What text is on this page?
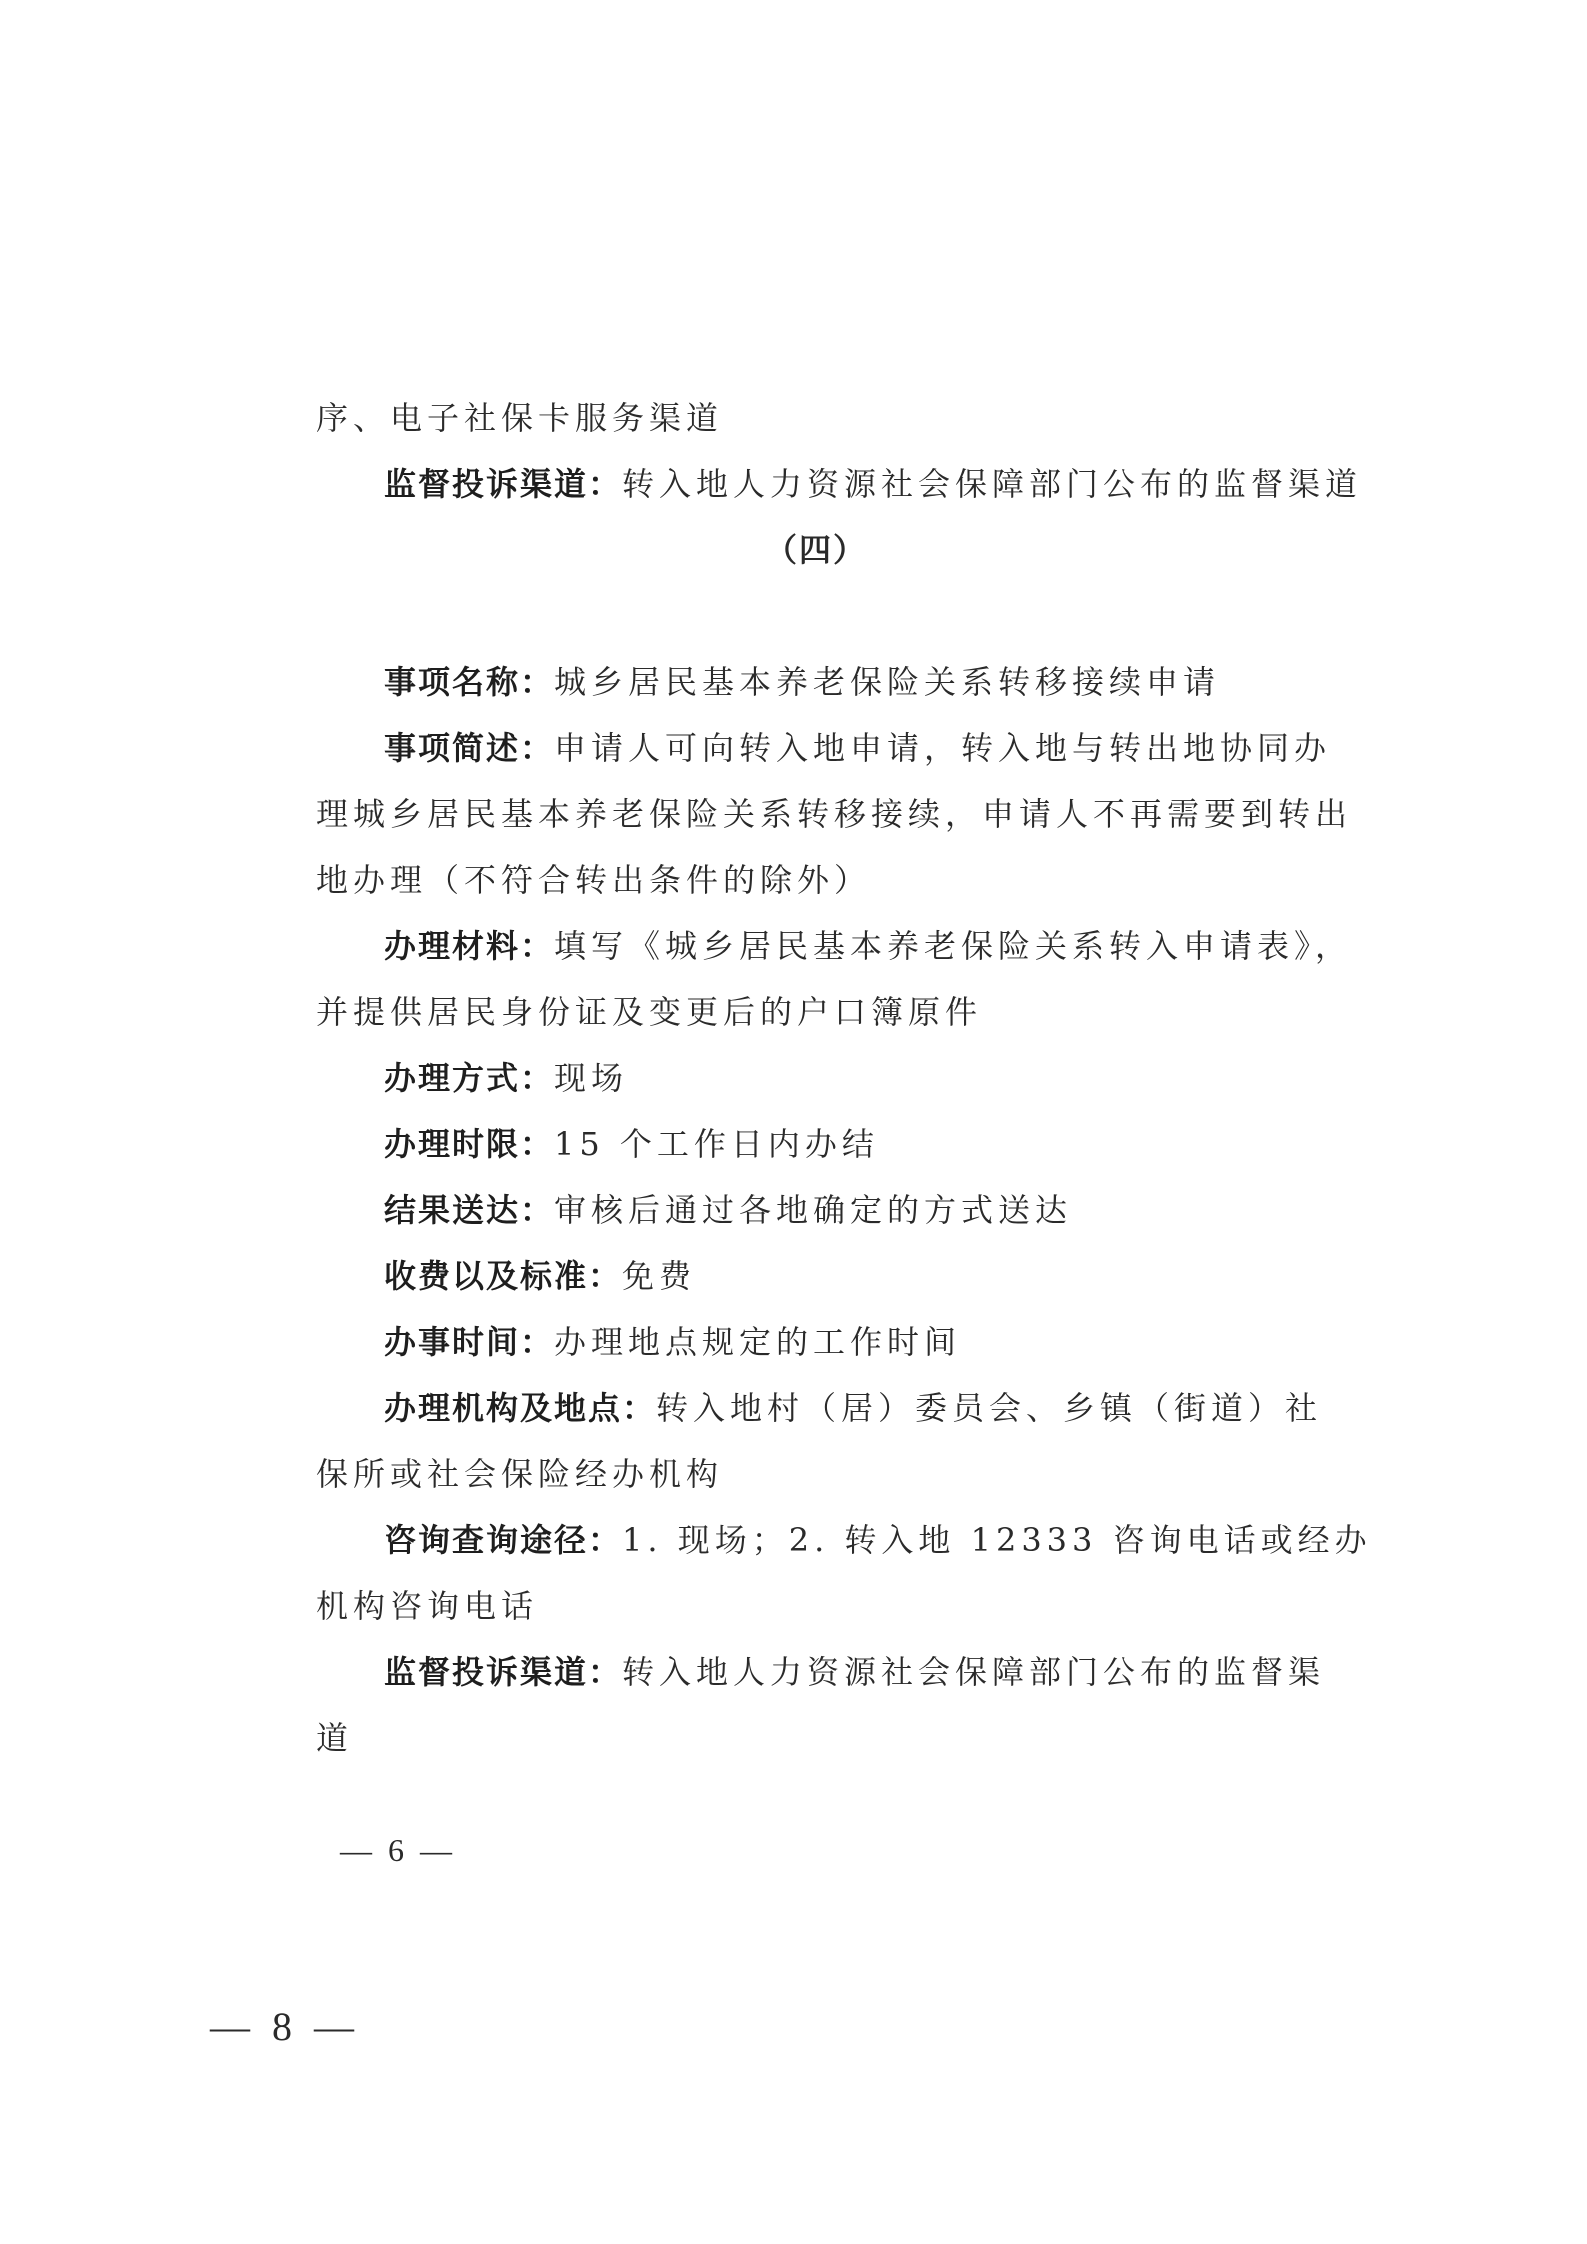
序、电子社保卡服务渠道
监督投诉渠道：转入地人力资源社会保障部门公布的监督渠道
（四）
事项名称：城乡居民基本养老保险关系转移接续申请
事项简述：申请人可向转入地申请，转入地与转出地协同办
理城乡居民基本养老保险关系转移接续，申请人不再需要到转出
地办理（不符合转出条件的除外）
办理材料：填写《城乡居民基本养老保险关系转入申请表》，
并提供居民身份证及变更后的户口簿原件
办理方式：现场
办理时限：15 个工作日内办结
结果送达：审核后通过各地确定的方式送达
收费以及标准：免费
办事时间：办理地点规定的工作时间
办理机构及地点：转入地村（居）委员会、乡镇（街道）社
保所或社会保险经办机构
咨询查询途径：1. 现场；2. 转入地 12333 咨询电话或经办
机构咨询电话
监督投诉渠道：转入地人力资源社会保障部门公布的监督渠
道
— 6 —
— 8 —
